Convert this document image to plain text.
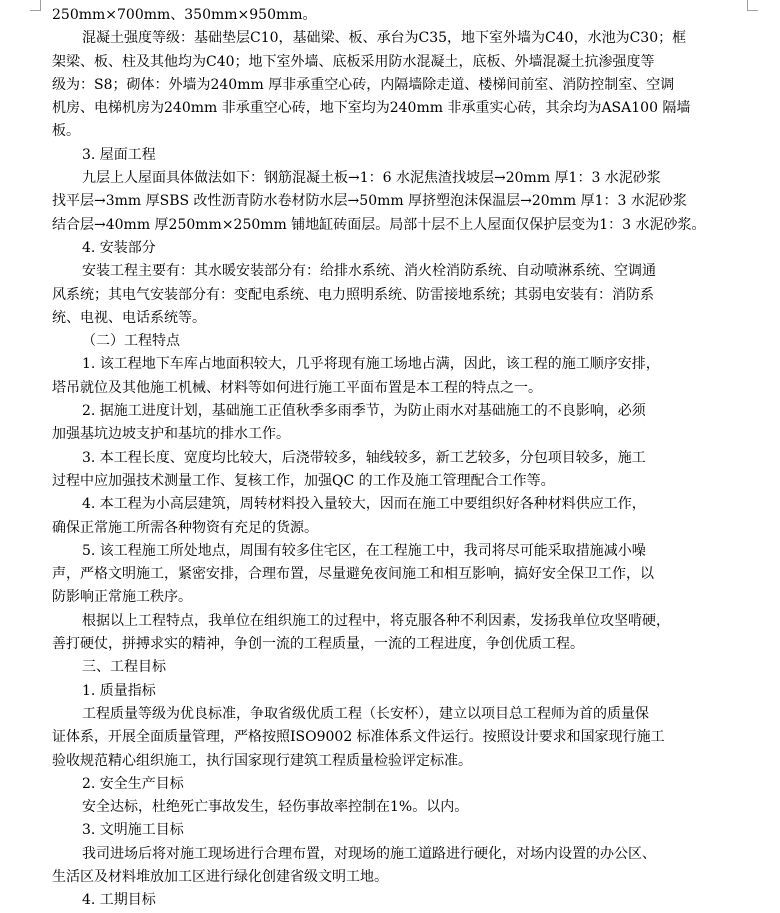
250mm×700mm、350mm×950mm。
混凝土强度等级：基础垫层C10，基础梁、板、承台为C35，地下室外墙为C40，水池为C30；框
架梁、板、柱及其他均为C40；地下室外墙、底板采用防水混凝土，底板、外墙混凝土抗渗强度等
级为：S8；砌体：外墙为240mm 厚非承重空心砖，内隔墙除走道、楼梯间前室、消防控制室、空调
机房、电梯机房为240mm 非承重空心砖，地下室均为240mm 非承重实心砖，其余均为ASA100 隔墙
板。
3. 屋面工程
九层上人屋面具体做法如下：钢筋混凝土板→1：6 水泥焦渣找坡层→20mm 厚1：3 水泥砂浆
找平层→3mm 厚SBS 改性沥青防水卷材防水层→50mm 厚挤塑泡沫保温层→20mm 厚1：3 水泥砂浆
结合层→40mm 厚250mm×250mm 铺地缸砖面层。局部十层不上人屋面仅保护层变为1：3 水泥砂浆。
4. 安装部分
安装工程主要有：其水暖安装部分有：给排水系统、消火栓消防系统、自动喷淋系统、空调通
风系统；其电气安装部分有：变配电系统、电力照明系统、防雷接地系统；其弱电安装有：消防系
统、电视、电话系统等。
（二）工程特点
1. 该工程地下车库占地面积较大，几乎将现有施工场地占满，因此，该工程的施工顺序安排，
塔吊就位及其他施工机械、材料等如何进行施工平面布置是本工程的特点之一。
2. 据施工进度计划，基础施工正值秋季多雨季节，为防止雨水对基础施工的不良影响，必须
加强基坑边坡支护和基坑的排水工作。
3. 本工程长度、宽度均比较大，后浇带较多，轴线较多，新工艺较多，分包项目较多，施工
过程中应加强技术测量工作、复核工作，加强QC 的工作及施工管理配合工作等。
4. 本工程为小高层建筑，周转材料投入量较大，因而在施工中要组织好各种材料供应工作，
确保正常施工所需各种物资有充足的货源。
5. 该工程施工所处地点，周围有较多住宅区，在工程施工中，我司将尽可能采取措施减小噪
声，严格文明施工，紧密安排，合理布置，尽量避免夜间施工和相互影响，搞好安全保卫工作，以
防影响正常施工秩序。
根据以上工程特点，我单位在组织施工的过程中，将克服各种不利因素，发扬我单位攻坚啃硬，
善打硬仗，拼搏求实的精神，争创一流的工程质量，一流的工程进度，争创优质工程。
三、工程目标
1. 质量指标
工程质量等级为优良标准，争取省级优质工程（长安杯），建立以项目总工程师为首的质量保
证体系，开展全面质量管理，严格按照ISO9002 标准体系文件运行。按照设计要求和国家现行施工
验收规范精心组织施工，执行国家现行建筑工程质量检验评定标准。
2. 安全生产目标
安全达标，杜绝死亡事故发生，轻伤事故率控制在1%。以内。
3. 文明施工目标
我司进场后将对施工现场进行合理布置，对现场的施工道路进行硬化，对场内设置的办公区、
生活区及材料堆放加工区进行绿化创建省级文明工地。
4. 工期目标
